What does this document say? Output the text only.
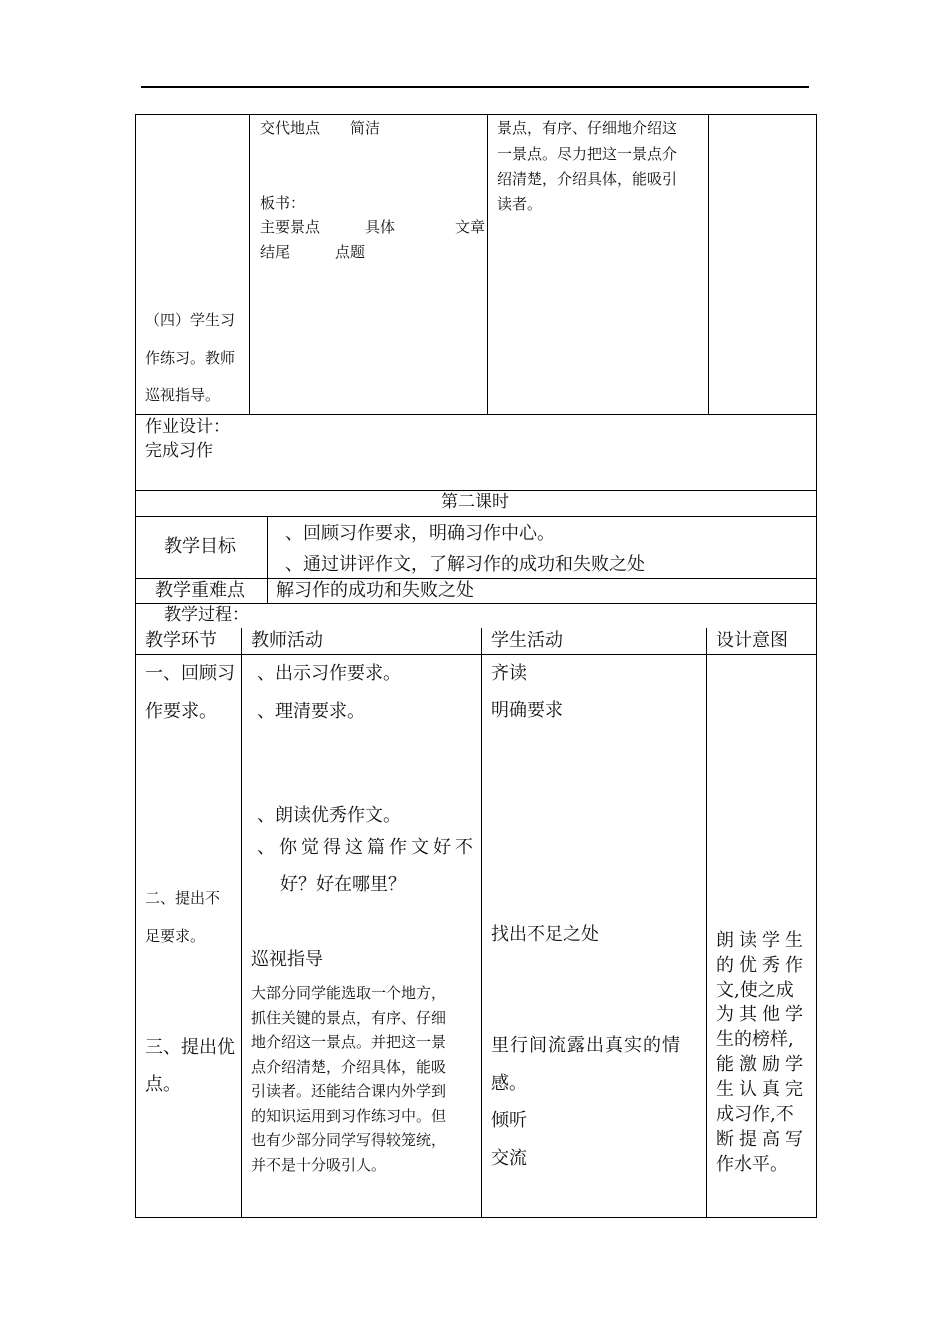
（四）学生习
作练习。教师
巡视指导。
交代地点　　简洁
板书：
主要景点　　　具体　　　　文章
结尾　　　点题
景点，有序、仔细地介绍这
一景点。尽力把这一景点介
绍清楚，介绍具体，能吸引
读者。
作业设计：
完成习作
第二课时
教学目标
、回顾习作要求，明确习作中心。
、通过讲评作文，了解习作的成功和失败之处
教学重难点 解习作的成功和失败之处
教学过程：
教学环节 教师活动	学生活动	设计意图
一、回顾习
作要求。
二、提出不
足要求。
三、提出优
点。
、出示习作要求。
、理清要求。
、朗读优秀作文。
、你觉得这篇作文好不
好？好在哪里？
巡视指导
大部分同学能选取一个地方，
抓住关键的景点，有序、仔细
地介绍这一景点。并把这一景
点介绍清楚，介绍具体，能吸
引读者。还能结合课内外学到
的知识运用到习作练习中。但
也有少部分同学写得较笼统，
并不是十分吸引人。
齐读
明确要求
找出不足之处
里行间流露出真实的情
感。
倾听
交流
朗读学生
的优秀作
文,使之成
为其他学
生的榜样,
能激励学
生认真完
成习作,不
断提高写
作水平。
